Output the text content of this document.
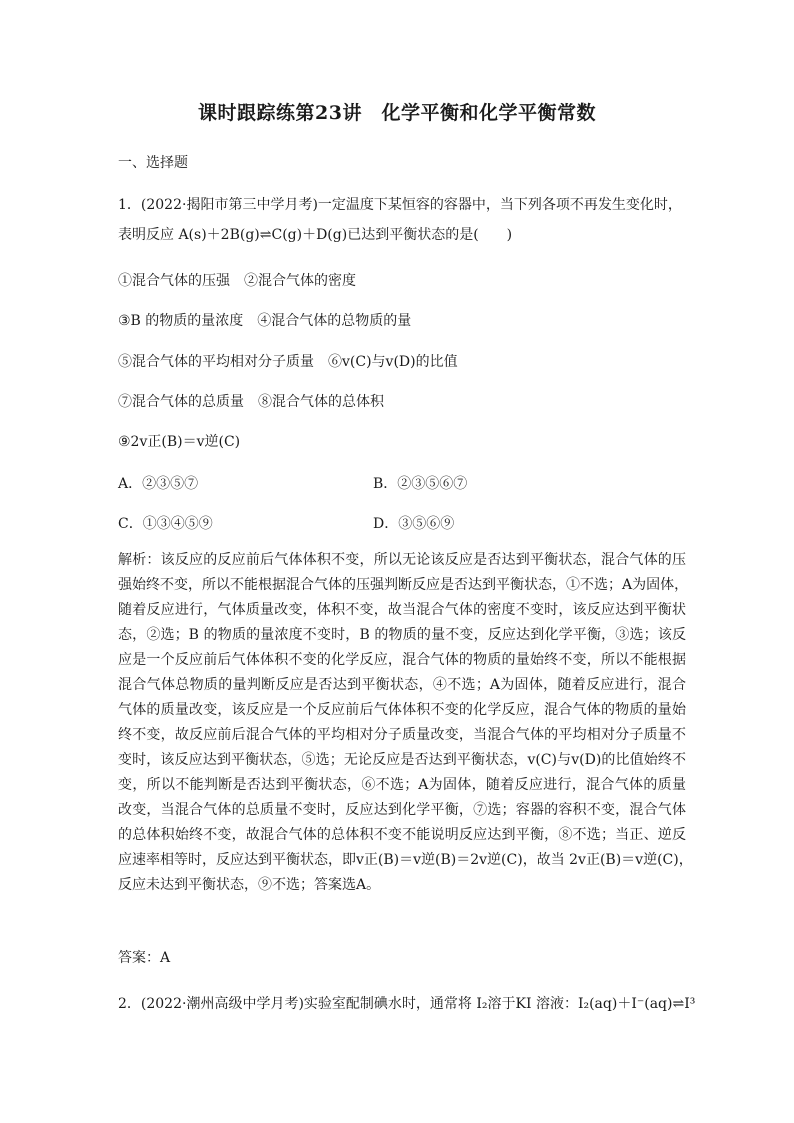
课时跟踪练第23讲　化学平衡和化学平衡常数
一、选择题
1．(2022·揭阳市第三中学月考)一定温度下某恒容的容器中，当下列各项不再发生变化时，
表明反应 A(s)＋2B(g)⇌C(g)＋D(g)已达到平衡状态的是(　　)
①混合气体的压强　②混合气体的密度
③B 的物质的量浓度　④混合气体的总物质的量
⑤混合气体的平均相对分子质量　⑥v(C)与v(D)的比值
⑦混合气体的总质量　⑧混合气体的总体积
⑨2v正(B)＝v逆(C)
A．②③⑤⑦	B．②③⑤⑥⑦
C．①③④⑤⑨	D．③⑤⑥⑨
解析：该反应的反应前后气体体积不变，所以无论该反应是否达到平衡状态，混合气体的压
强始终不变，所以不能根据混合气体的压强判断反应是否达到平衡状态，①不选；A为固体，
随着反应进行，气体质量改变，体积不变，故当混合气体的密度不变时，该反应达到平衡状
态，②选；B 的物质的量浓度不变时，B 的物质的量不变，反应达到化学平衡，③选；该反
应是一个反应前后气体体积不变的化学反应，混合气体的物质的量始终不变，所以不能根据
混合气体总物质的量判断反应是否达到平衡状态，④不选；A为固体，随着反应进行，混合
气体的质量改变，该反应是一个反应前后气体体积不变的化学反应，混合气体的物质的量始
终不变，故反应前后混合气体的平均相对分子质量改变，当混合气体的平均相对分子质量不
变时，该反应达到平衡状态，⑤选；无论反应是否达到平衡状态，v(C)与v(D)的比值始终不
变，所以不能判断是否达到平衡状态，⑥不选；A为固体，随着反应进行，混合气体的质量
改变，当混合气体的总质量不变时，反应达到化学平衡，⑦选；容器的容积不变，混合气体
的总体积始终不变，故混合气体的总体积不变不能说明反应达到平衡，⑧不选；当正、逆反
应速率相等时，反应达到平衡状态，即v正(B)＝v逆(B)＝2v逆(C)，故当 2v正(B)＝v逆(C)，
反应未达到平衡状态，⑨不选；答案选A。
答案：A
2．(2022·潮州高级中学月考)实验室配制碘水时，通常将 I₂溶于KI 溶液：I₂(aq)＋I⁻(aq)⇌I³
